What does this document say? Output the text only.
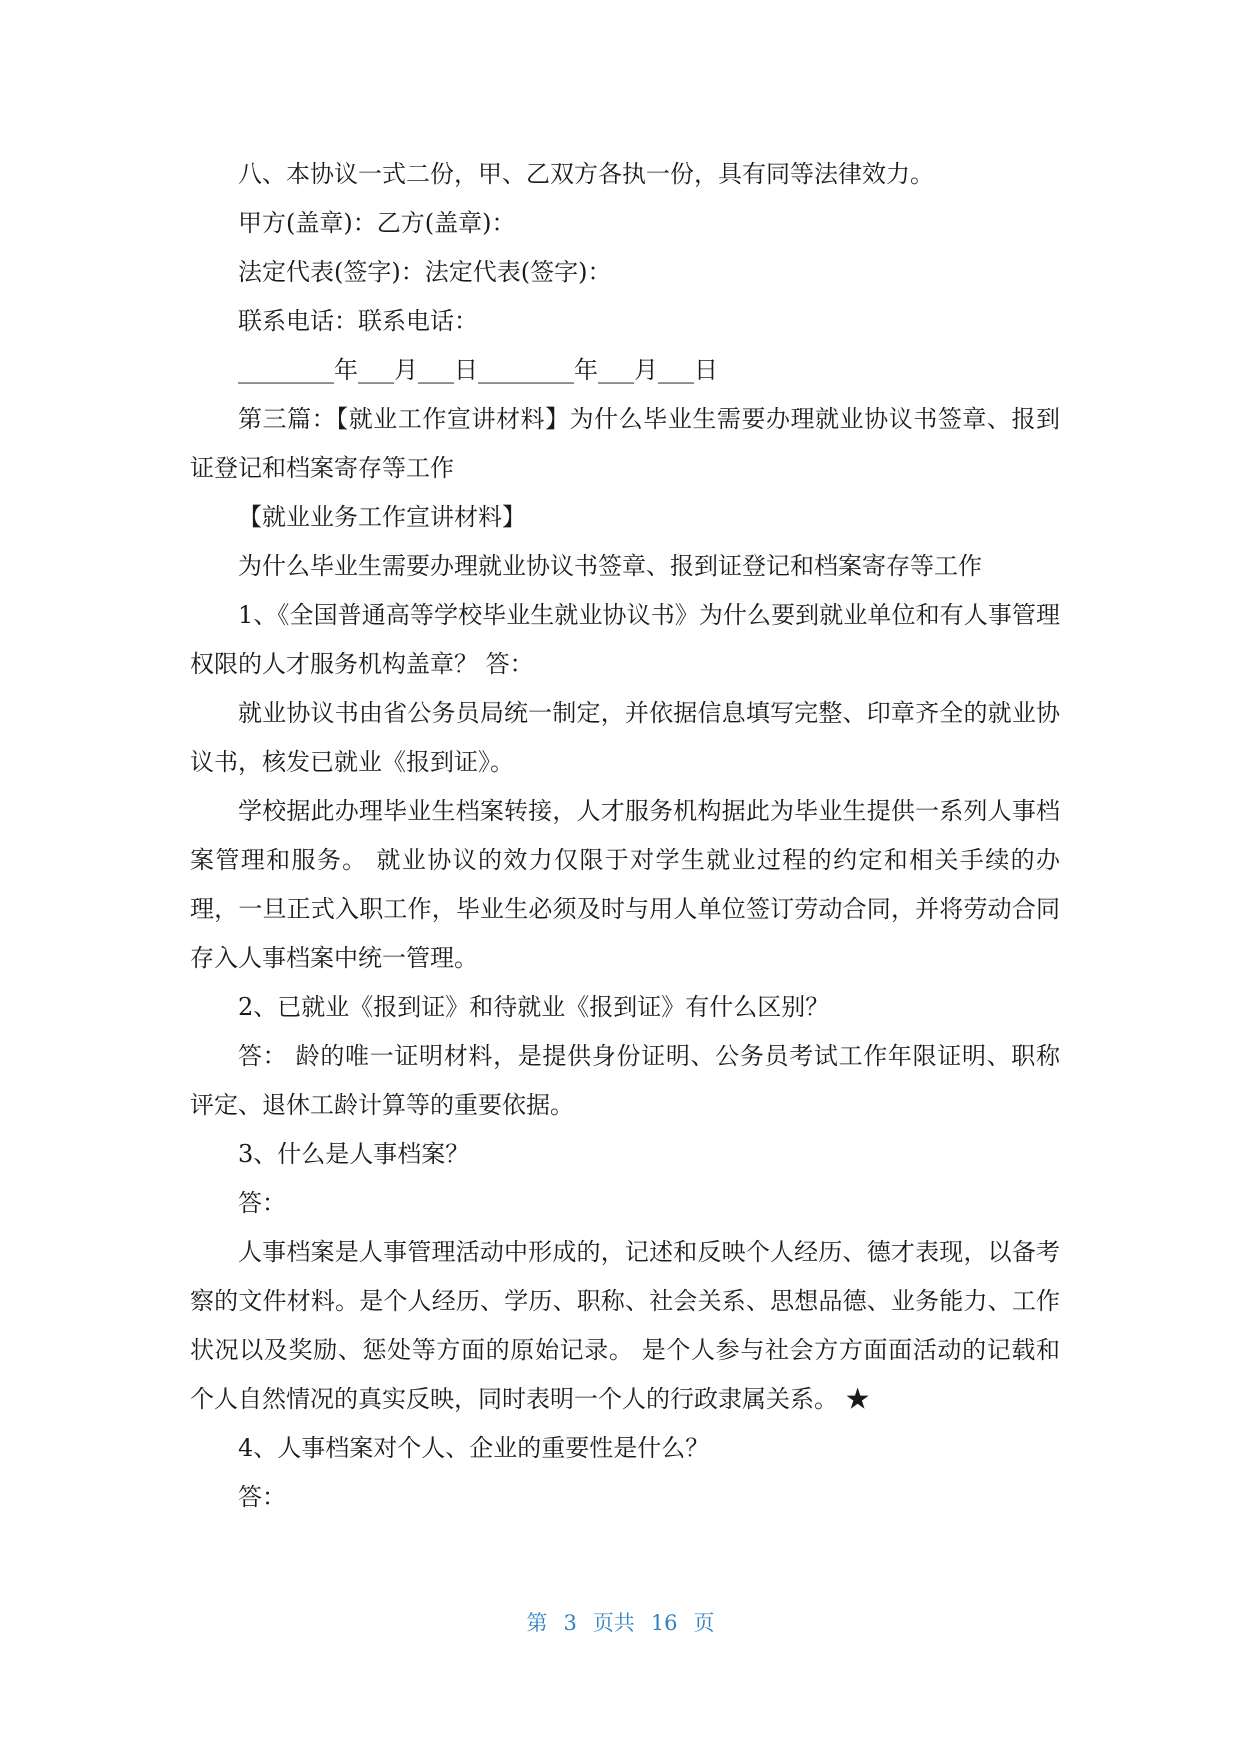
八、本协议一式二份，甲、乙双方各执一份，具有同等法律效力。

甲方(盖章)：乙方(盖章)：

法定代表(签字)：法定代表(签字)：

联系电话：联系电话：

________年___月___日________年___月___日

第三篇：【就业工作宣讲材料】为什么毕业生需要办理就业协议书签章、报到证登记和档案寄存等工作

【就业业务工作宣讲材料】

为什么毕业生需要办理就业协议书签章、报到证登记和档案寄存等工作

1、《全国普通高等学校毕业生就业协议书》为什么要到就业单位和有人事管理权限的人才服务机构盖章？ 答：

就业协议书由省公务员局统一制定，并依据信息填写完整、印章齐全的就业协议书，核发已就业《报到证》。

学校据此办理毕业生档案转接，人才服务机构据此为毕业生提供一系列人事档案管理和服务。 就业协议的效力仅限于对学生就业过程的约定和相关手续的办理，一旦正式入职工作，毕业生必须及时与用人单位签订劳动合同，并将劳动合同存入人事档案中统一管理。

2、已就业《报到证》和待就业《报到证》有什么区别？

答： 龄的唯一证明材料，是提供身份证明、公务员考试工作年限证明、职称评定、退休工龄计算等的重要依据。

3、什么是人事档案？

答：

人事档案是人事管理活动中形成的，记述和反映个人经历、德才表现，以备考察的文件材料。是个人经历、学历、职称、社会关系、思想品德、业务能力、工作状况以及奖励、惩处等方面的原始记录。 是个人参与社会方方面面活动的记载和个人自然情况的真实反映，同时表明一个人的行政隶属关系。 ★

4、人事档案对个人、企业的重要性是什么？

答：

第 3 页共 16 页
